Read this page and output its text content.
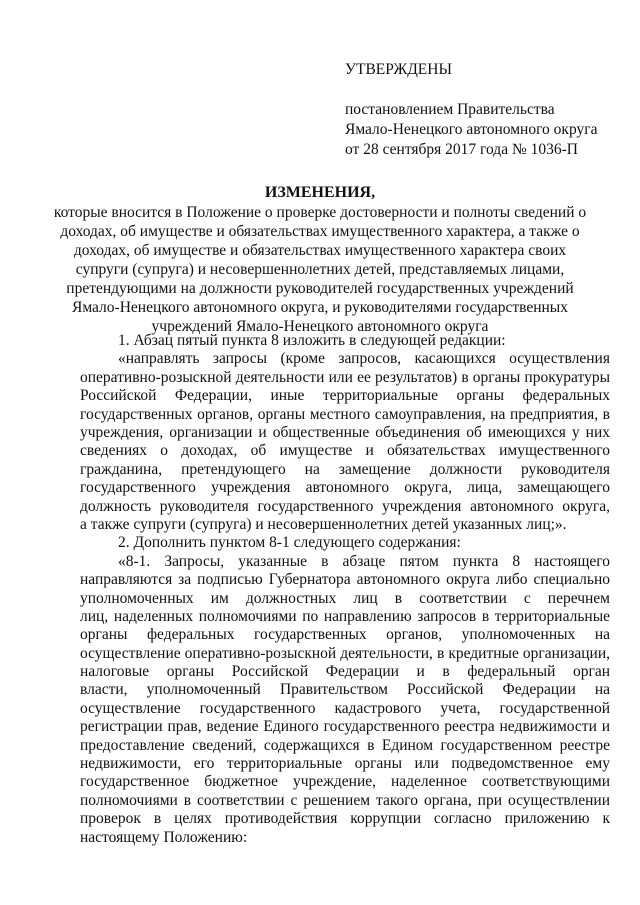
УТВЕРЖДЕНЫ
постановлением Правительства
Ямало-Ненецкого автономного округа
от 28 сентября 2017 года № 1036-П
ИЗМЕНЕНИЯ,
которые вносится в Положение о проверке достоверности и полноты сведений о
доходах, об имуществе и обязательствах имущественного характера, а также о
доходах, об имуществе и обязательствах имущественного характера своих
супруги (супруга) и несовершеннолетних детей, представляемых лицами,
претендующими на должности руководителей государственных учреждений
Ямало-Ненецкого автономного округа, и руководителями государственных
учреждений Ямало-Ненецкого автономного округа
1. Абзац пятый пункта 8 изложить в следующей редакции:
«направлять запросы (кроме запросов, касающихся осуществления
оперативно-розыскной деятельности или ее результатов) в органы прокуратуры
Российской Федерации, иные территориальные органы федеральных
государственных органов, органы местного самоуправления, на предприятия, в
учреждения, организации и общественные объединения об имеющихся у них
сведениях о доходах, об имуществе и обязательствах имущественного
гражданина, претендующего на замещение должности руководителя
государственного учреждения автономного округа, лица, замещающего
должность руководителя государственного учреждения автономного округа,
а также супруги (супруга) и несовершеннолетних детей указанных лиц;».
2. Дополнить пунктом 8-1 следующего содержания:
«8-1. Запросы, указанные в абзаце пятом пункта 8 настоящего
направляются за подписью Губернатора автономного округа либо специально
уполномоченных им должностных лиц в соответствии с перечнем
лиц, наделенных полномочиями по направлению запросов в территориальные
органы федеральных государственных органов, уполномоченных на
осуществление оперативно-розыскной деятельности, в кредитные организации,
налоговые органы Российской Федерации и в федеральный орган
власти, уполномоченный Правительством Российской Федерации на
осуществление государственного кадастрового учета, государственной
регистрации прав, ведение Единого государственного реестра недвижимости и
предоставление сведений, содержащихся в Едином государственном реестре
недвижимости, его территориальные органы или подведомственное ему
государственное бюджетное учреждение, наделенное соответствующими
полномочиями в соответствии с решением такого органа, при осуществлении
проверок в целях противодействия коррупции согласно приложению к
настоящему Положению:
